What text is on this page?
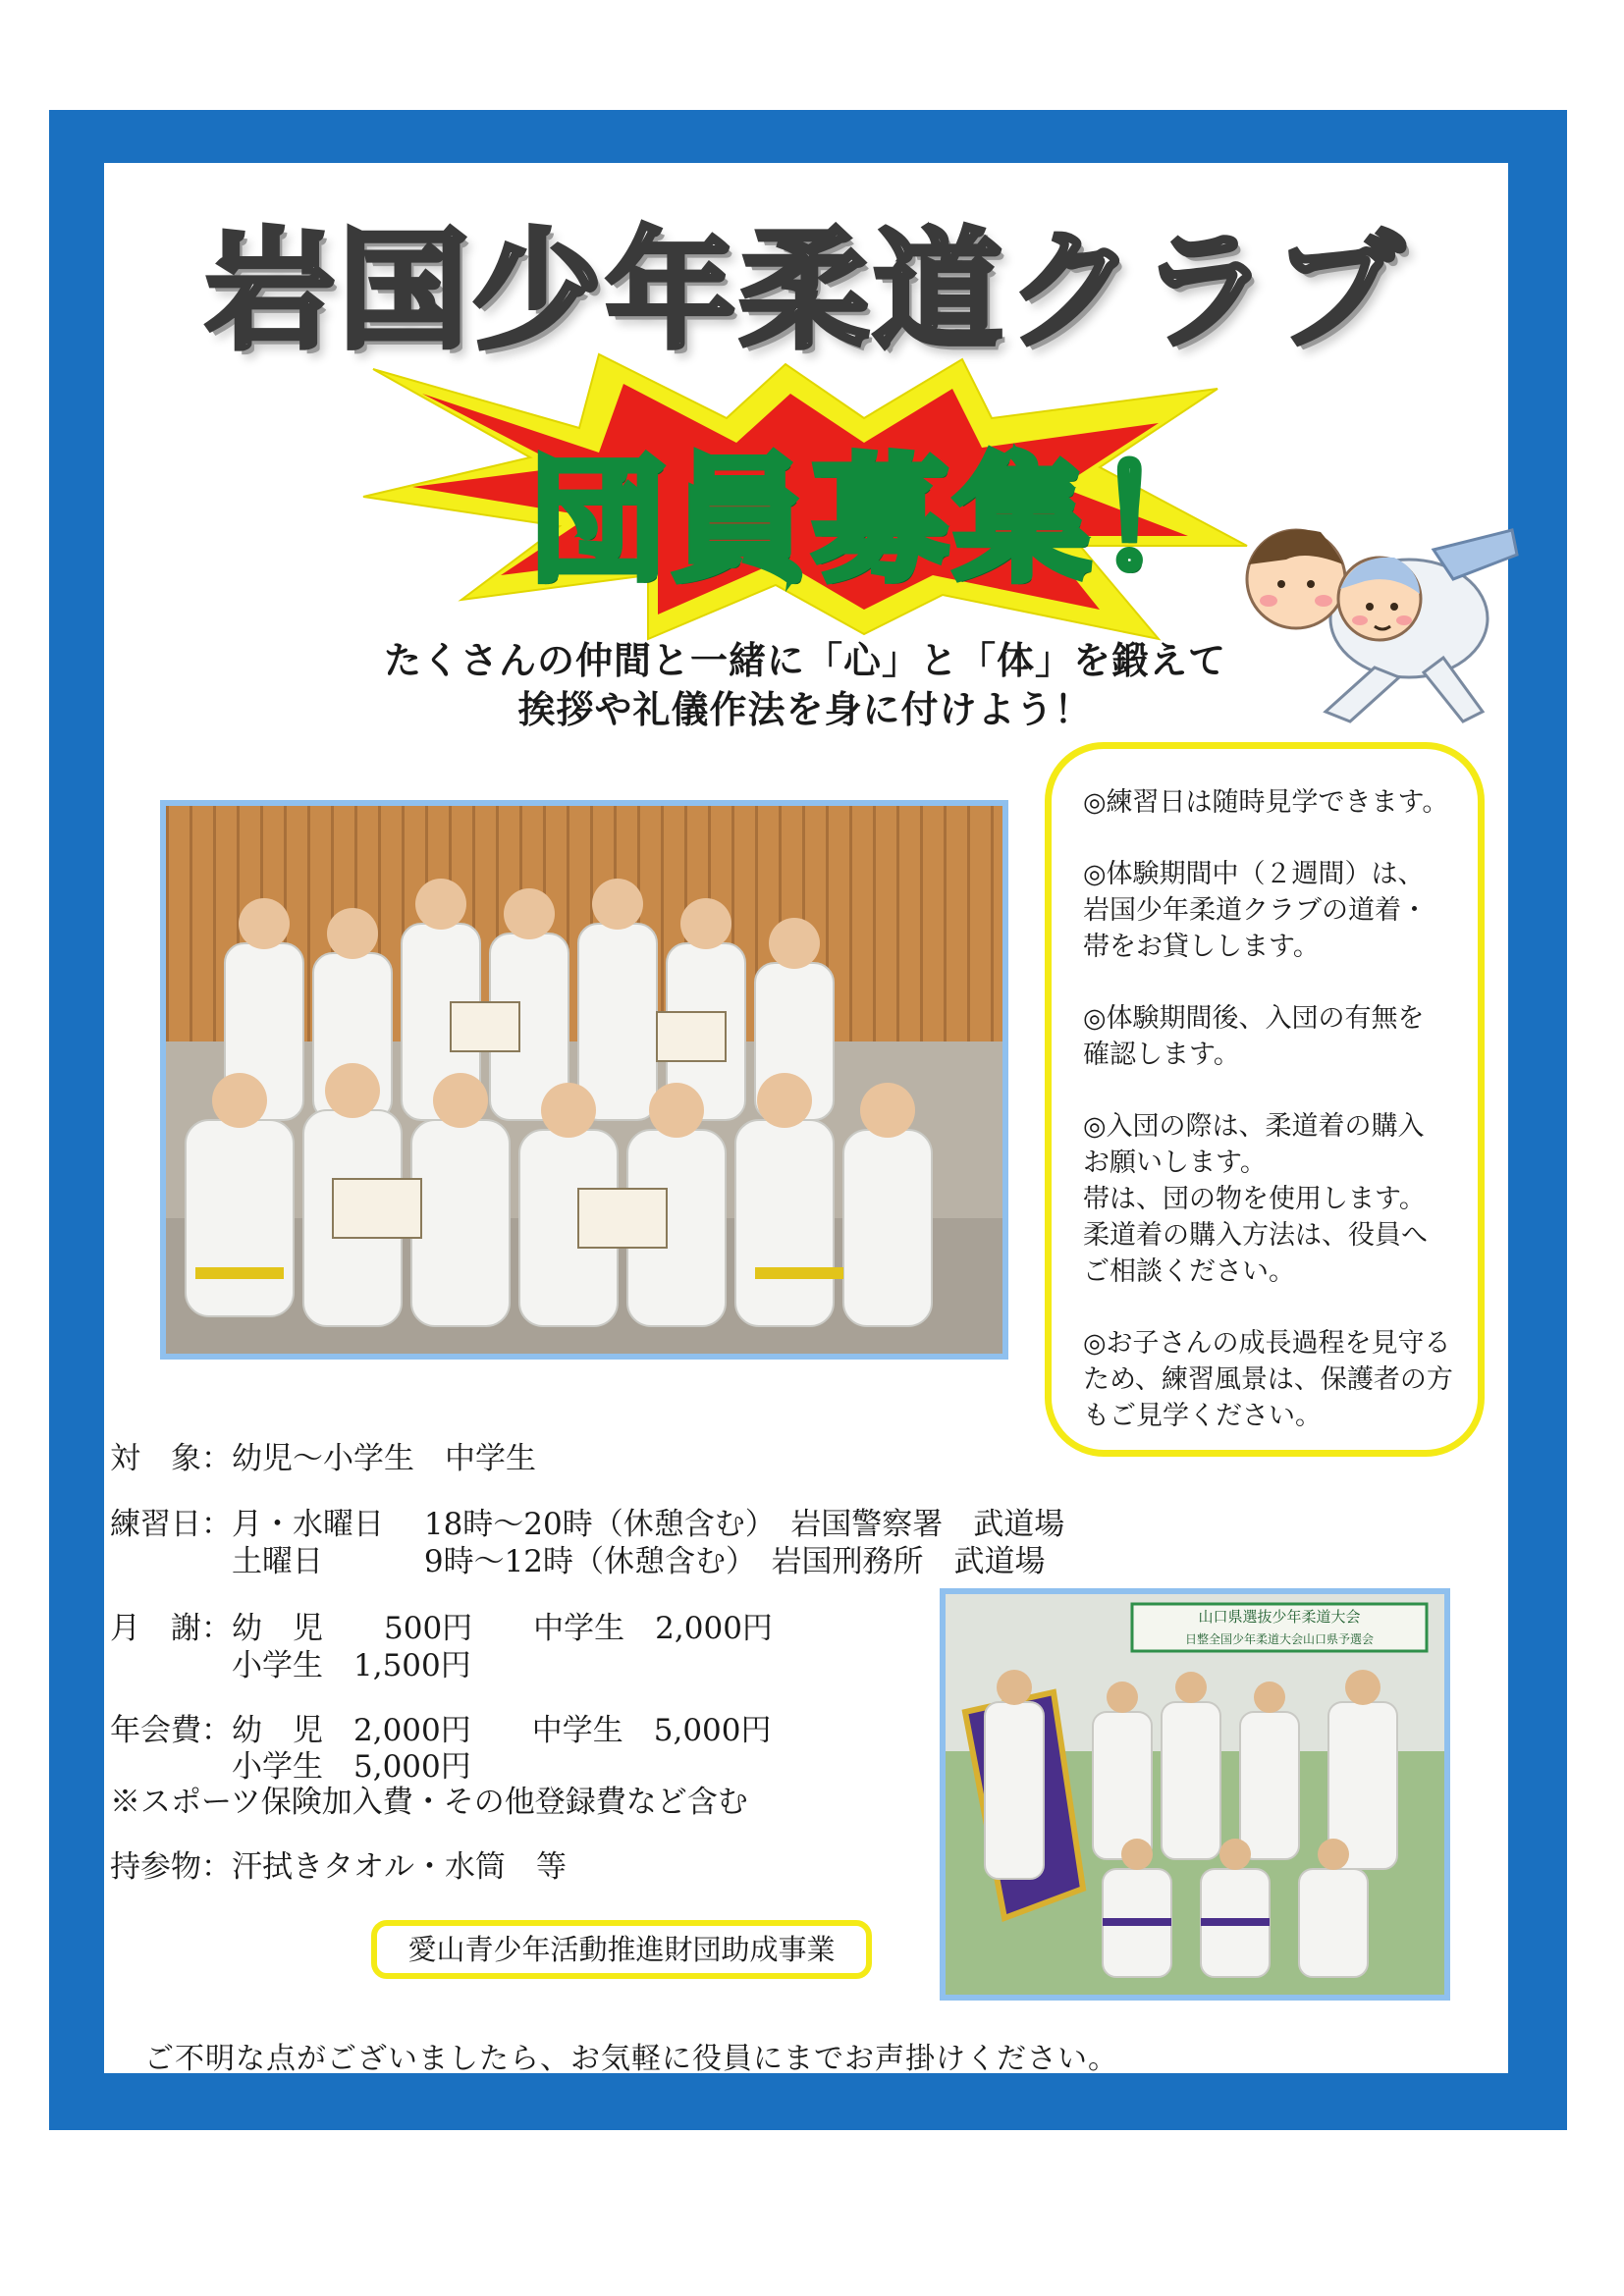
岩国少年柔道クラブ
団員募集！
たくさんの仲間と一緒に「心」と「体」を鍛えて
挨拶や礼儀作法を身に付けよう！
◎練習日は随時見学できます。
◎体験期間中（２週間）は、
岩国少年柔道クラブの道着・
帯をお貸しします。
◎体験期間後、入団の有無を
確認します。
◎入団の際は、柔道着の購入
お願いします。
帯は、団の物を使用します。
柔道着の購入方法は、役員へ
ご相談ください。
◎お子さんの成長過程を見守る
ため、練習風景は、保護者の方
もご見学ください。
対　象：幼児～小学生　中学生
練習日：月・水曜日　 18時～20時（休憩含む）　岩国警察署　武道場
　　　　土曜日　　　 9時～12時（休憩含む）　岩国刑務所　武道場
月　謝：幼　児　　500円　　中学生　2,000円
　　　　小学生　1,500円
年会費：幼　児　2,000円　　中学生　5,000円
　　　　小学生　5,000円
※スポーツ保険加入費・その他登録費など含む
持参物：汗拭きタオル・水筒　等
山口県選抜少年柔道大会
日整全国少年柔道大会山口県予選会
愛山青少年活動推進財団助成事業
ご不明な点がございましたら、お気軽に役員にまでお声掛けください。
